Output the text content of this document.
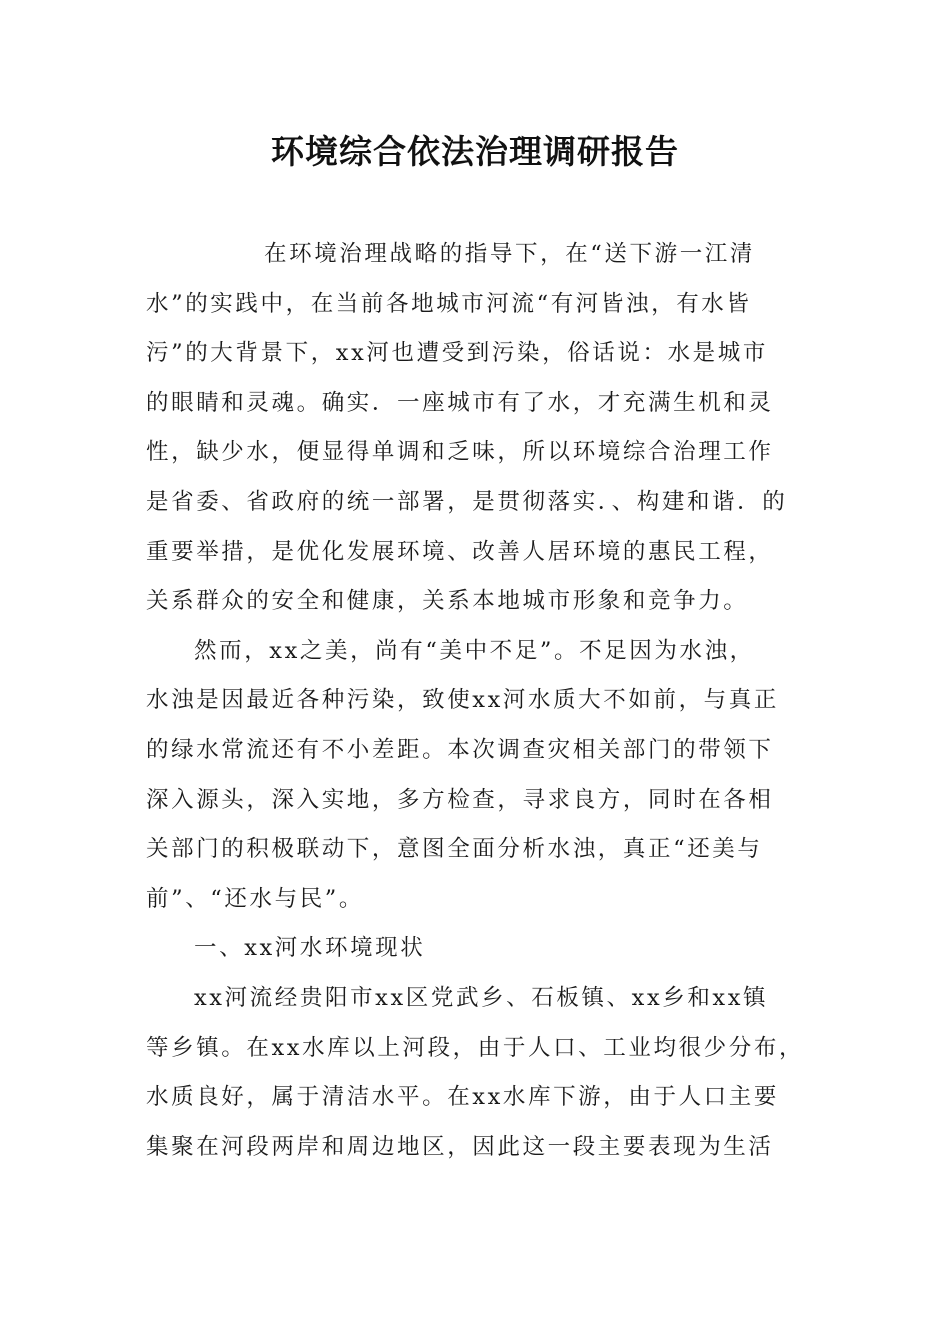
环境综合依法治理调研报告
在环境治理战略的指导下，在“送下游一江清
水”的实践中，在当前各地城市河流“有河皆浊，有水皆
污”的大背景下，xx河也遭受到污染，俗话说：水是城市
的眼睛和灵魂。确实．一座城市有了水，才充满生机和灵
性，缺少水，便显得单调和乏味，所以环境综合治理工作
是省委、省政府的统一部署，是贯彻落实．、构建和谐．的
重要举措，是优化发展环境、改善人居环境的惠民工程，
关系群众的安全和健康，关系本地城市形象和竞争力。
然而，xx之美，尚有“美中不足”。不足因为水浊，
水浊是因最近各种污染，致使xx河水质大不如前，与真正
的绿水常流还有不小差距。本次调查灾相关部门的带领下
深入源头，深入实地，多方检查，寻求良方，同时在各相
关部门的积极联动下，意图全面分析水浊，真正“还美与
前”、“还水与民”。
一、xx河水环境现状
xx河流经贵阳市xx区党武乡、石板镇、xx乡和xx镇
等乡镇。在xx水库以上河段，由于人口、工业均很少分布，
水质良好，属于清洁水平。在xx水库下游，由于人口主要
集聚在河段两岸和周边地区，因此这一段主要表现为生活
